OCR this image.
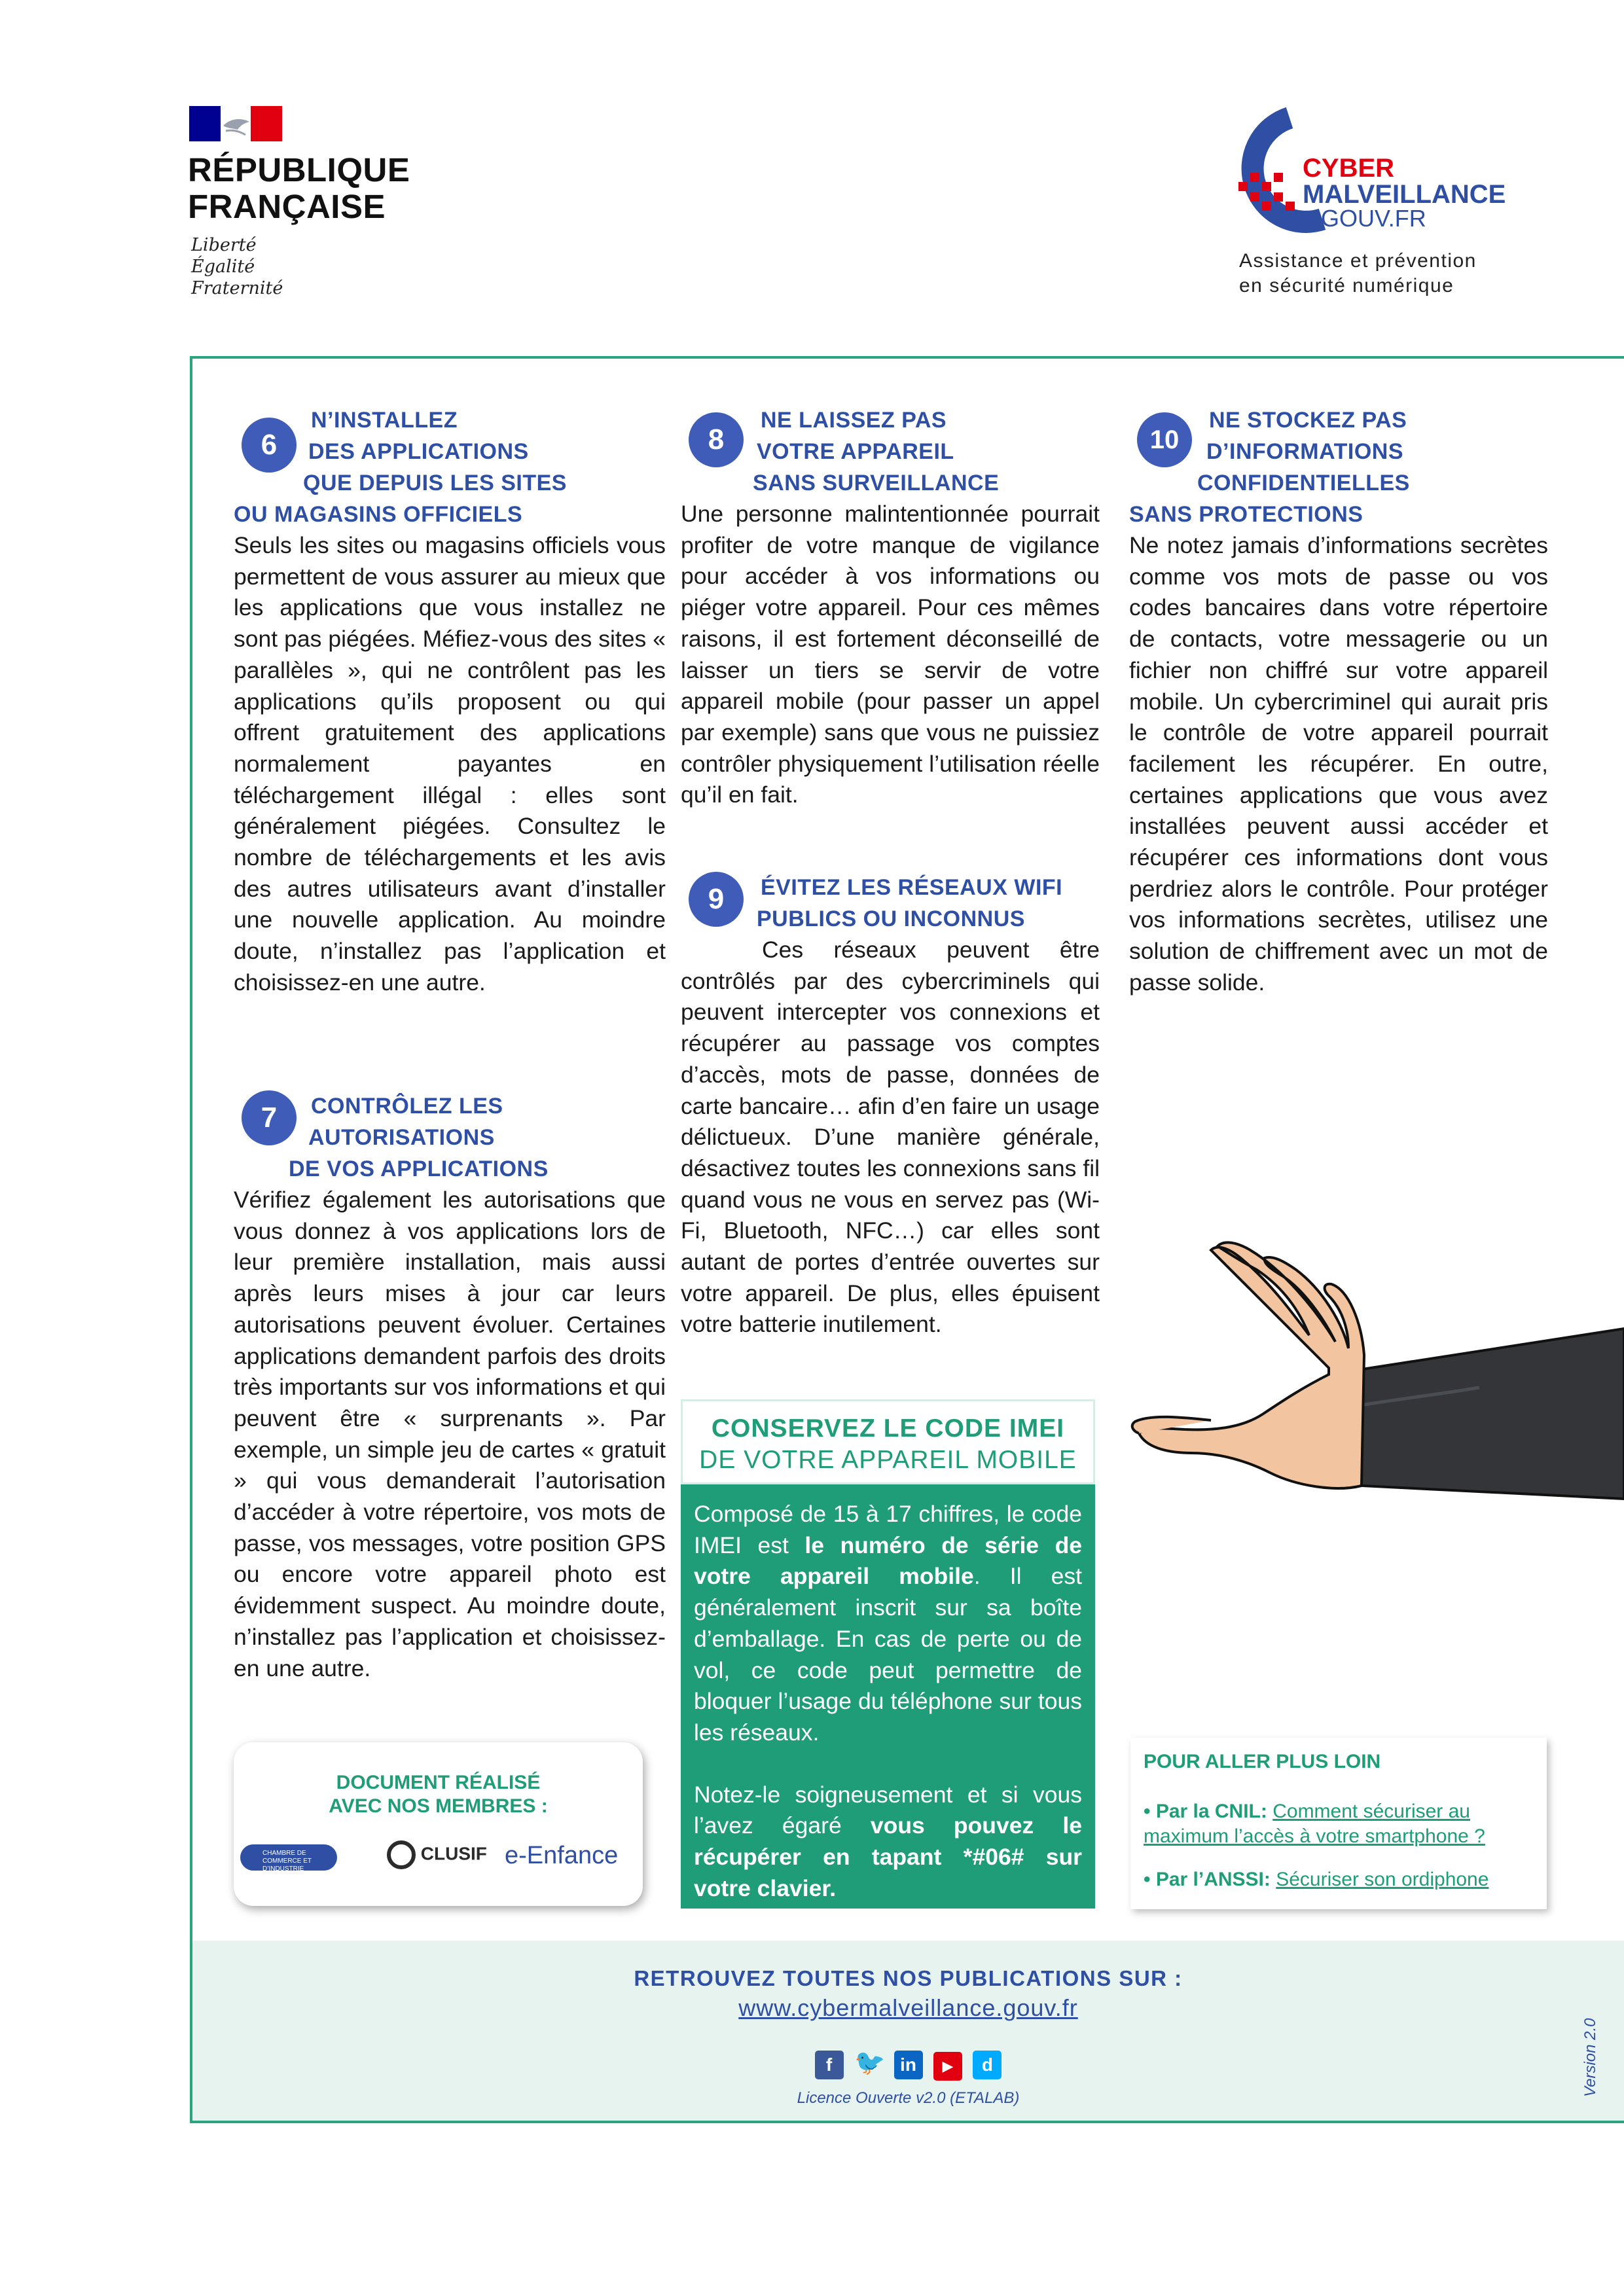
RÉPUBLIQUE
FRANÇAISE
Liberté
Égalité
Fraternité
CYBER
MALVEILLANCE
.GOUV.FR
Assistance et prévention
en sécurité numérique
6
N’INSTALLEZ
DES APPLICATIONS
QUE DEPUIS LES SITES
OU MAGASINS OFFICIELS

Seuls les sites ou magasins officiels vous permettent de vous assurer au mieux que les applications que vous installez ne sont pas piégées. Méfiez-vous des sites « parallèles », qui ne contrôlent pas les applications qu’ils proposent ou qui offrent gratuitement des applications normalement payantes en téléchargement illégal : elles sont généralement piégées. Consultez le nombre de téléchargements et les avis des autres utilisateurs avant d’installer une nouvelle application. Au moindre doute, n’installez pas l’application et choisissez-en une autre.

7	CONTRÔLEZ LES
AUTORISATIONS
DE VOS APPLICATIONS

Vérifiez également les autorisations que vous donnez à vos applications lors de leur première installation, mais aussi après leurs mises à jour car leurs autorisations peuvent évoluer. Certaines applications demandent parfois des droits très importants sur vos informations et qui peuvent être « surprenants ». Par exemple, un simple jeu de cartes « gratuit » qui vous demanderait l’autorisation d’accéder à votre répertoire, vos mots de passe, vos messages, votre position GPS ou encore votre appareil photo est évidemment suspect. Au moindre doute, n’installez pas l’application et choisissez-en une autre.

8
NE LAISSEZ PAS
VOTRE APPAREIL
SANS SURVEILLANCE

Une personne malintentionnée pourrait profiter de votre manque de vigilance pour accéder à vos informations ou piéger votre appareil. Pour ces mêmes raisons, il est fortement déconseillé de laisser un tiers se servir de votre appareil mobile (pour passer un appel par exemple) sans que vous ne puissiez contrôler physiquement l’utilisation réelle qu’il en fait.

9	ÉVITEZ LES RÉSEAUX WIFI
PUBLICS OU INCONNUS

Ces réseaux peuvent être contrôlés par des cybercriminels qui peuvent intercepter vos connexions et récupérer au passage vos comptes d’accès, mots de passe, données de carte bancaire… afin d’en faire un usage délictueux. D’une manière générale, désactivez toutes les connexions sans fil quand vous ne vous en servez pas (Wi-Fi, Bluetooth, NFC…) car elles sont autant de portes d’entrée ouvertes sur votre appareil. De plus, elles épuisent votre batterie inutilement.

10
NE STOCKEZ PAS
D’INFORMATIONS
CONFIDENTIELLES
SANS PROTECTIONS

Ne notez jamais d’informations secrètes comme vos mots de passe ou vos codes bancaires dans votre répertoire de contacts, votre messagerie ou un fichier non chiffré sur votre appareil mobile. Un cybercriminel qui aurait pris le contrôle de votre appareil pourrait facilement les récupérer. En outre, certaines applications que vous avez installées peuvent aussi accéder et récupérer ces informations dont vous perdriez alors le contrôle. Pour protéger vos informations secrètes, utilisez une solution de chiffrement avec un mot de passe solide.

CONSERVEZ LE CODE IMEI
DE VOTRE APPAREIL MOBILE

Composé de 15 à 17 chiffres, le code IMEI est le numéro de série de votre appareil mobile. Il est généralement inscrit sur sa boîte d’emballage. En cas de perte ou de vol, ce code peut permettre de bloquer l’usage du téléphone sur tous les réseaux.

Notez-le soigneusement et si vous l’avez égaré vous pouvez le récupérer en tapant *#06# sur votre clavier.

DOCUMENT RÉALISÉ
AVEC NOS MEMBRES :
CHAMBRE DE COMMERCE ET D’INDUSTRIE
CLUSIF e-Enfance
POUR ALLER PLUS LOIN
• Par la CNIL: Comment sécuriser au maximum l’accès à votre smartphone ?
• Par l’ANSSI: Sécuriser son ordiphone
RETROUVEZ TOUTES NOS PUBLICATIONS SUR :
www.cybermalveillance.gouv.fr
f 🐦 in ▶ d
Licence Ouverte v2.0 (ETALAB)
Version 2.0
